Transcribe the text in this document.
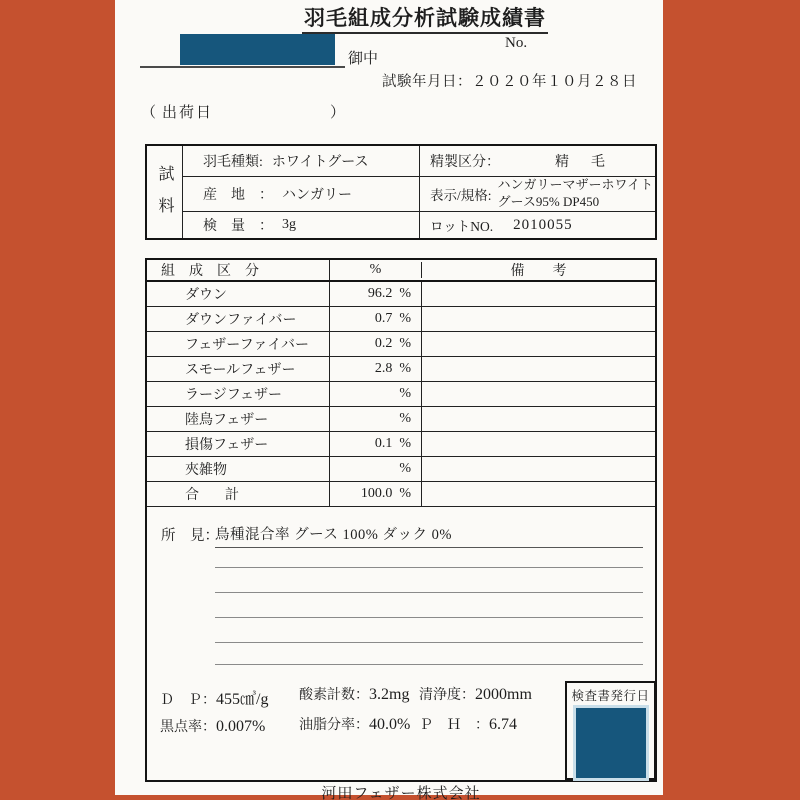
羽毛組成分析試験成績書
No.
御中
試験年月日：２０２０年１０月２８日
（ 出荷日	）
試料
羽毛種類: ホワイトグース	精製区分：	精　毛
産　地　： ハンガリー	表示/規格:
ハンガリーマザーホワイト
グース95% DP450
検　量　： 3g	ロットNO. 2010055
組　成　区　分	%	備　　考
ダウン	96.2 %
ダウンファイバー	0.7 %
フェザーファイバー	0.2 %
スモールフェザー	2.8 %
ラージフェザー	%
陸鳥フェザー	%
損傷フェザー	0.1 %
夾雑物	%
合　計	100.0 %
所　見：
鳥種混合率 グース 100% ダック 0%
Ｄ　Ｐ：455㎤/g 酸素計数：3.2mg 清浄度：2000mm
黒点率：0.007% 油脂分率：40.0% Ｐ　Ｈ　：6.74
検査書発行日
河田フェザー株式会社
